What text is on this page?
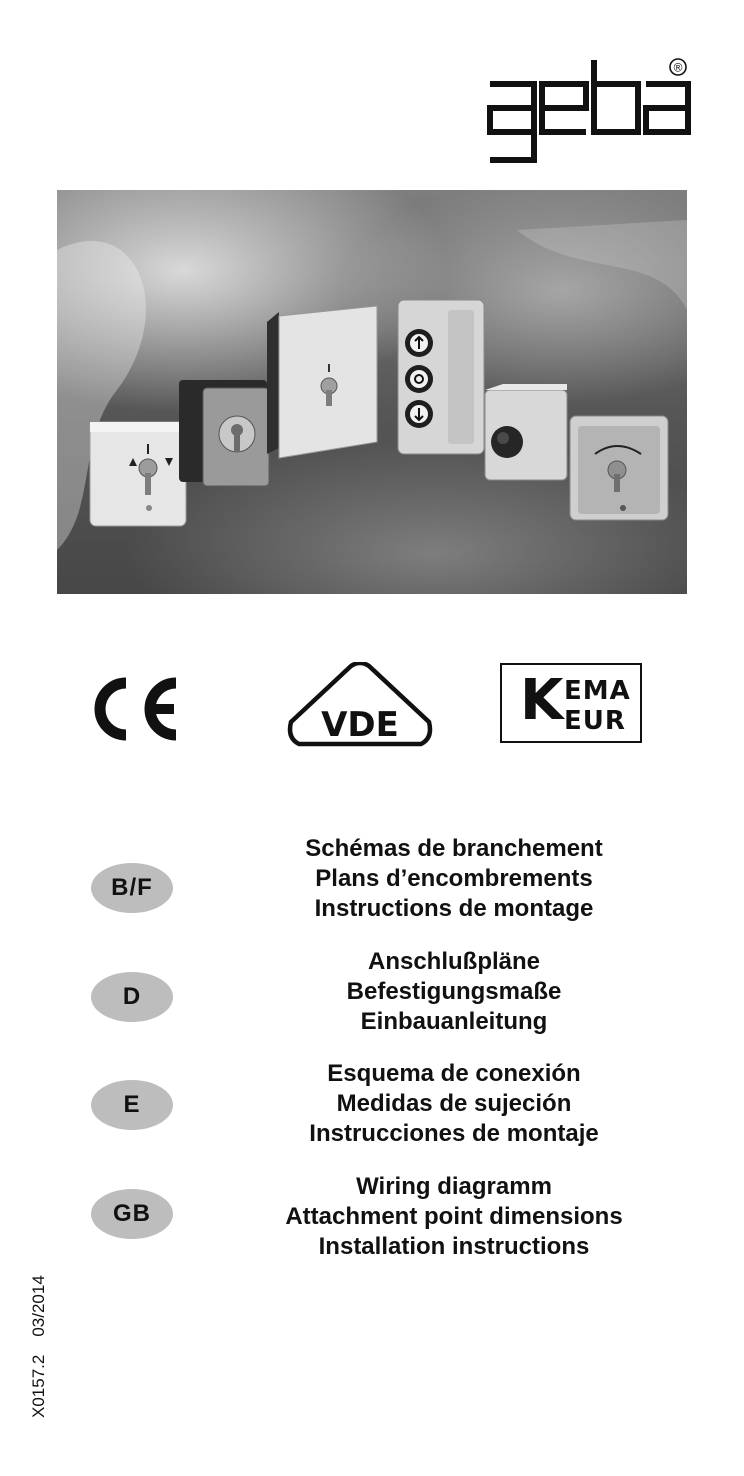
®
VDE K EMA
EUR
B/F
Schémas de branchement
Plans d’encombrements
Instructions de montage
D
Anschlußpläne
Befestigungsmaße
Einbauanleitung
E
Esquema de conexión
Medidas de sujeción
Instrucciones de montaje
GB
Wiring diagramm
Attachment point dimensions
Installation instructions
X0157.203/2014
